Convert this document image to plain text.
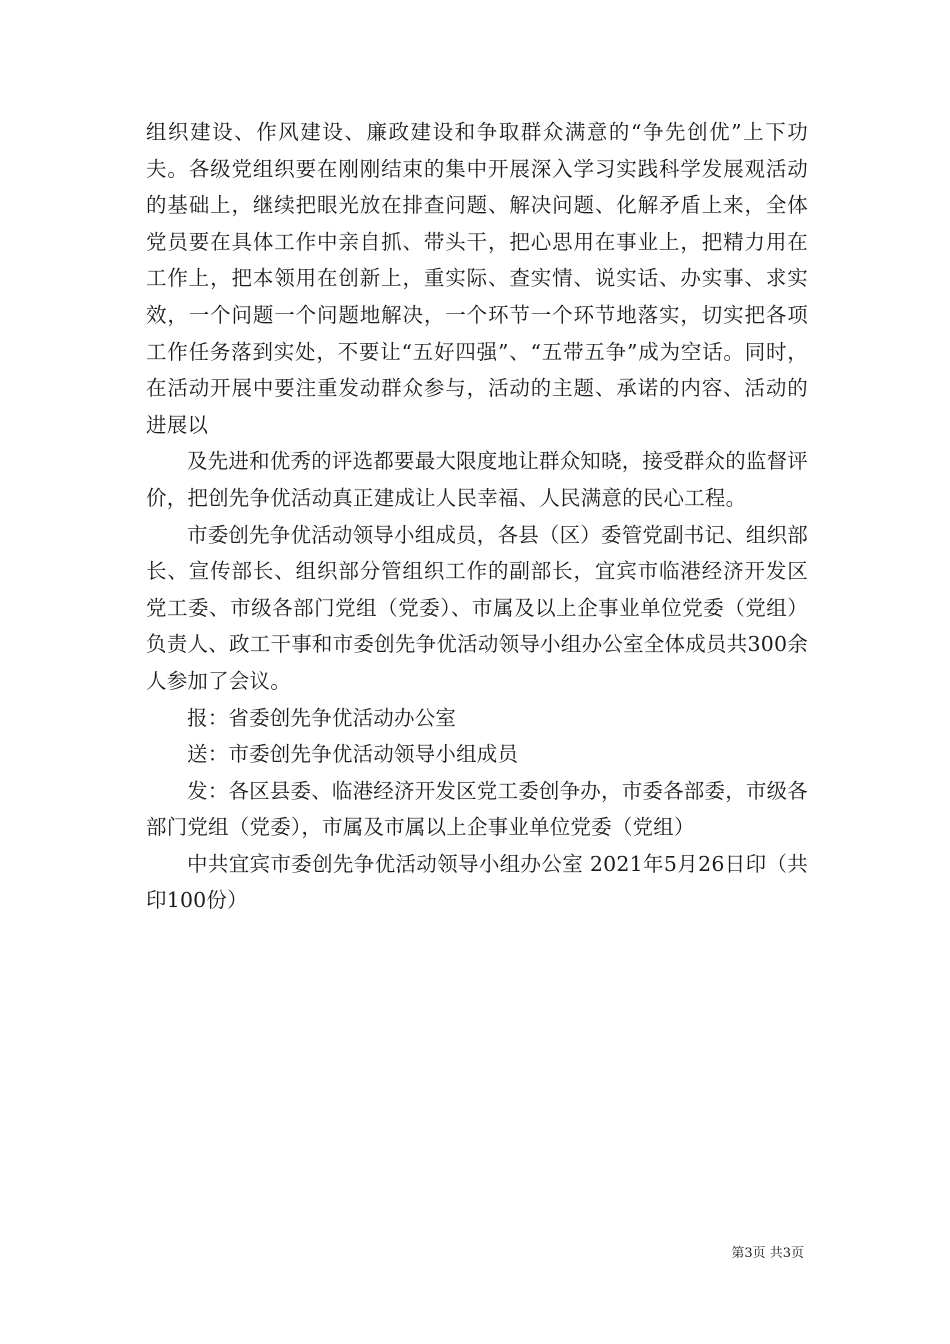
组织建设、作风建设、廉政建设和争取群众满意的“争先创优”上下功夫。各级党组织要在刚刚结束的集中开展深入学习实践科学发展观活动的基础上，继续把眼光放在排查问题、解决问题、化解矛盾上来，全体党员要在具体工作中亲自抓、带头干，把心思用在事业上，把精力用在工作上，把本领用在创新上，重实际、查实情、说实话、办实事、求实效，一个问题一个问题地解决，一个环节一个环节地落实，切实把各项工作任务落到实处，不要让“五好四强”、“五带五争”成为空话。同时，在活动开展中要注重发动群众参与，活动的主题、承诺的内容、活动的进展以

及先进和优秀的评选都要最大限度地让群众知晓，接受群众的监督评价，把创先争优活动真正建成让人民幸福、人民满意的民心工程。

市委创先争优活动领导小组成员，各县（区）委管党副书记、组织部长、宣传部长、组织部分管组织工作的副部长，宜宾市临港经济开发区党工委、市级各部门党组（党委）、市属及以上企事业单位党委（党组）负责人、政工干事和市委创先争优活动领导小组办公室全体成员共300余人参加了会议。

报：省委创先争优活动办公室

送：市委创先争优活动领导小组成员

发：各区县委、临港经济开发区党工委创争办，市委各部委，市级各部门党组（党委），市属及市属以上企事业单位党委（党组）

中共宜宾市委创先争优活动领导小组办公室 2021年5月26日印（共印100份）

第3页 共3页
